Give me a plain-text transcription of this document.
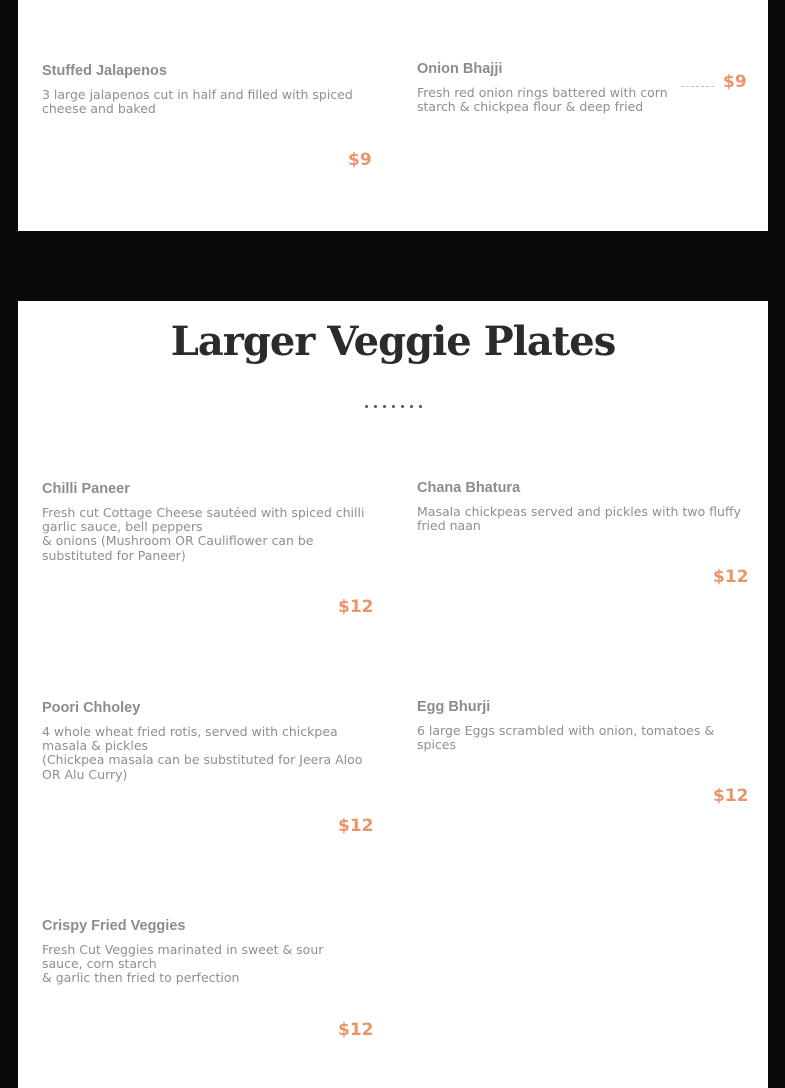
Stuffed Jalapenos

3 large jalapenos cut in half and filled with spiced cheese and baked

$9

Onion Bhajji

Fresh red onion rings battered with corn starch & chickpea flour & deep fried

$9
Larger Veggie Plates

Chilli Paneer

Fresh cut Cottage Cheese sautéed with spiced chilli garlic sauce, bell peppers
& onions (Mushroom OR Cauliflower can be substituted for Paneer)

$12

Chana Bhatura

Masala chickpeas served and pickles with two fluffy fried naan

$12

Poori Chholey

4 whole wheat fried rotis, served with chickpea masala & pickles
(Chickpea masala can be substituted for Jeera Aloo OR Alu Curry)

$12

Egg Bhurji

6 large Eggs scrambled with onion, tomatoes & spices

$12

Crispy Fried Veggies

Fresh Cut Veggies marinated in sweet & sour sauce, corn starch
& garlic then fried to perfection

$12
